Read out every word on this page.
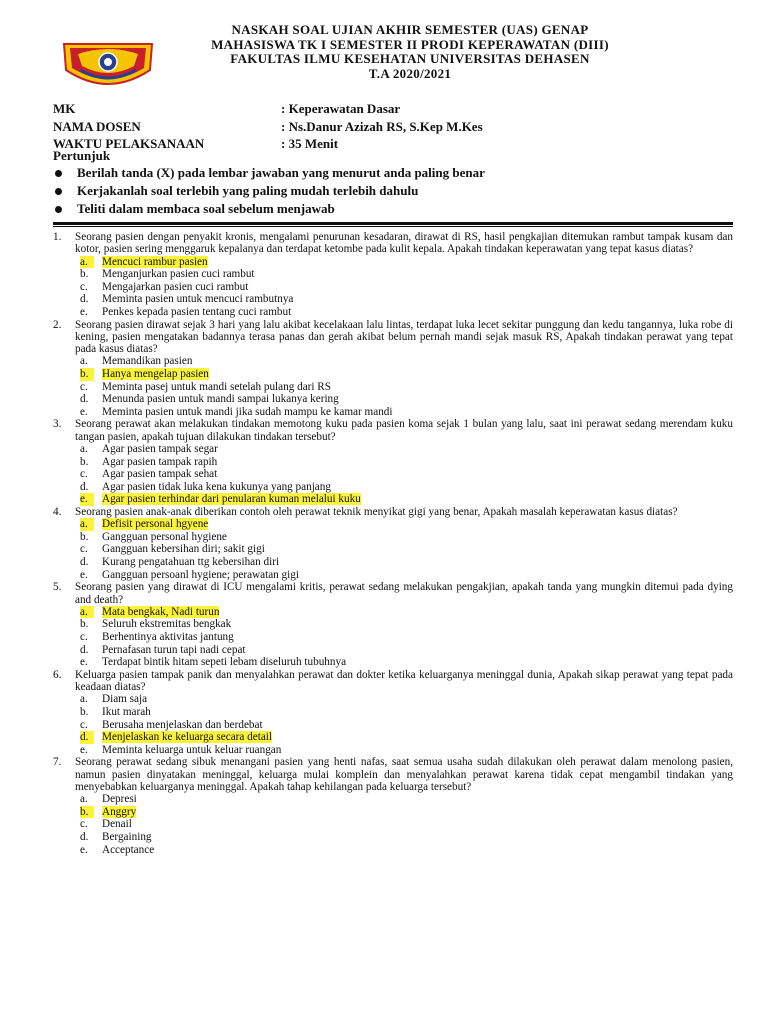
NASKAH SOAL UJIAN AKHIR SEMESTER (UAS) GENAP
MAHASISWA TK I SEMESTER II PRODI KEPERAWATAN (DIII)
FAKULTAS ILMU KESEHATAN UNIVERSITAS DEHASEN
T.A 2020/2021
MK	: Keperawatan Dasar
NAMA DOSEN	: Ns.Danur Azizah RS, S.Kep M.Kes
WAKTU PELAKSANAAN	: 35 Menit
Pertunjuk
Berilah tanda (X) pada lembar jawaban yang menurut anda paling benar
Kerjakanlah soal terlebih yang paling mudah terlebih dahulu
Teliti dalam membaca soal sebelum menjawab
1. Seorang pasien dengan penyakit kronis, mengalami penurunan kesadaran, dirawat di RS, hasil pengkajian ditemukan rambut tampak kusam dan kotor, pasien sering menggaruk kepalanya dan terdapat ketombe pada kulit kepala. Apakah tindakan keperawatan yang tepat kasus diatas?
a.	Mencuci rambur pasien
b. Menganjurkan pasien cuci rambut
c. Mengajarkan pasien cuci rambut
d. Meminta pasien untuk mencuci rambutnya
e. Penkes kepada pasien tentang cuci rambut
2. Seorang pasien dirawat sejak 3 hari yang lalu akibat kecelakaan lalu lintas, terdapat luka lecet sekitar punggung dan kedu tangannya, luka robe di kening, pasien mengatakan badannya terasa panas dan gerah akibat belum pernah mandi sejak masuk RS, Apakah tindakan perawat yang tepat pada kasus diatas?
a. Memandikan pasien
b.	Hanya mengelap pasien
c. Meminta pasej untuk mandi setelah pulang dari RS
d. Menunda pasien untuk mandi sampai lukanya kering
e. Meminta pasien untuk mandi jika sudah mampu ke kamar mandi
3. Seorang perawat akan melakukan tindakan memotong kuku pada pasien koma sejak 1 bulan yang lalu, saat ini perawat sedang merendam kuku tangan pasien, apakah tujuan dilakukan tindakan tersebut?
a. Agar pasien tampak segar
b. Agar pasien tampak rapih
c. Agar pasien tampak sehat
d. Agar pasien tidak luka kena kukunya yang panjang
e.	Agar pasien terhindar dari penularan kuman melalui kuku
4. Seorang pasien anak-anak diberikan contoh oleh perawat teknik menyikat gigi yang benar, Apakah masalah keperawatan kasus diatas?
a.	Defisit personal hgyene
b. Gangguan personal hygiene
c. Gangguan kebersihan diri; sakit gigi
d. Kurang pengatahuan ttg kebersihan diri
e. Gangguan persoanl hygiene; perawatan gigi
5. Seorang pasien yang dirawat di ICU mengalami kritis, perawat sedang melakukan pengakjian, apakah tanda yang mungkin ditemui pada dying and death?
a.	Mata bengkak, Nadi turun
b. Seluruh ekstremitas bengkak
c. Berhentinya aktivitas jantung
d. Pernafasan turun tapi nadi cepat
e. Terdapat bintik hitam sepeti lebam diseluruh tubuhnya
6. Keluarga pasien tampak panik dan menyalahkan perawat dan dokter ketika keluarganya meninggal dunia, Apakah sikap perawat yang tepat pada keadaan diatas?
a. Diam saja
b. Ikut marah
c. Berusaha menjelaskan dan berdebat
d.	Menjelaskan ke keluarga secara detail
e. Meminta keluarga untuk keluar ruangan
7. Seorang perawat sedang sibuk menangani pasien yang henti nafas, saat semua usaha sudah dilakukan oleh perawat dalam menolong pasien, namun pasien dinyatakan meninggal, keluarga mulai komplein dan menyalahkan perawat karena tidak cepat mengambil tindakan yang menyebabkan keluarganya meninggal. Apakah tahap kehilangan pada keluarga tersebut?
a. Depresi
b.	Anggry
c. Denail
d. Bergaining
e. Acceptance
